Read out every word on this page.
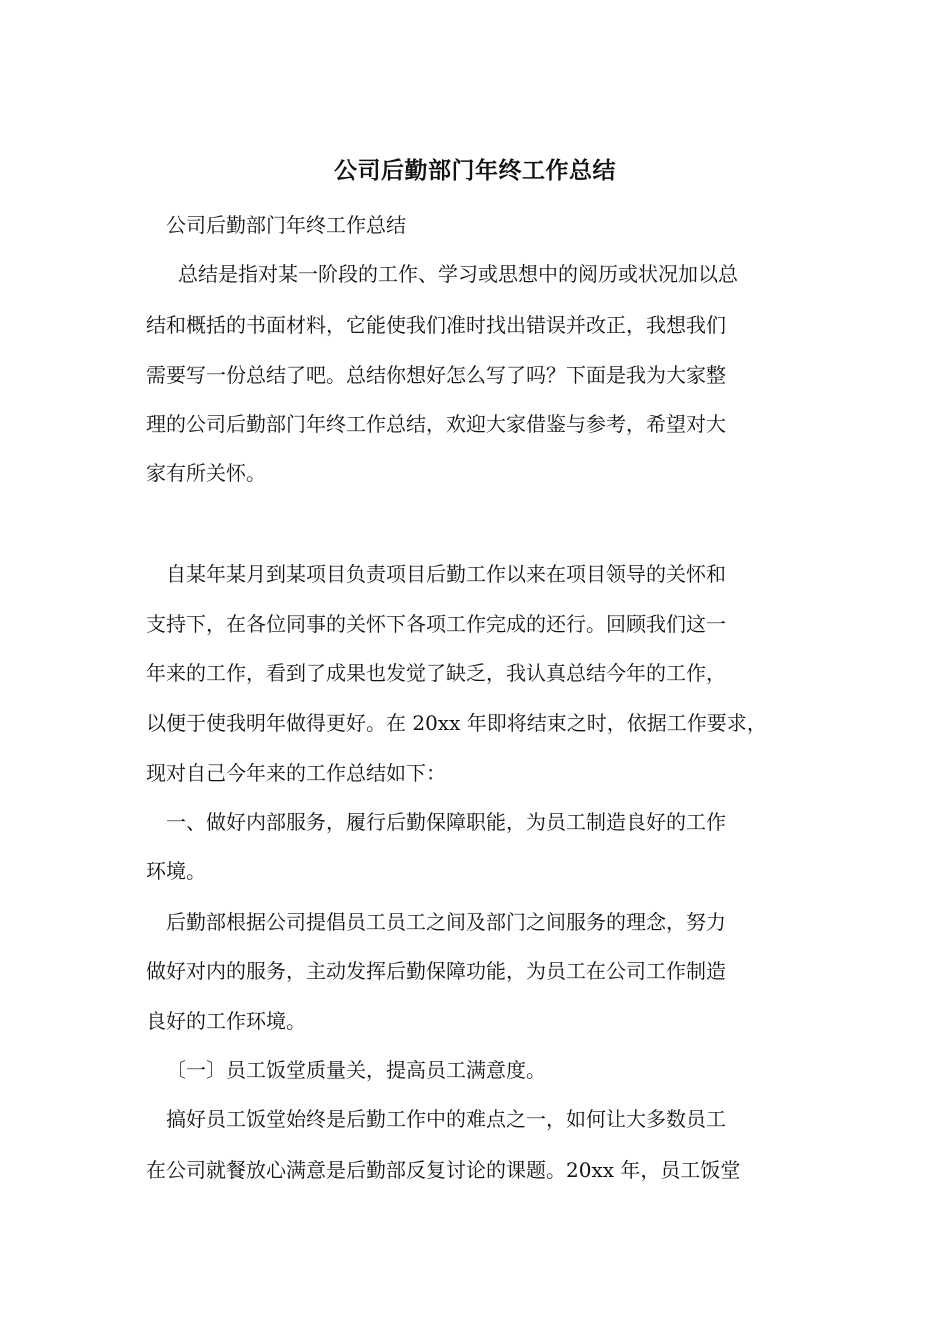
公司后勤部门年终工作总结

公司后勤部门年终工作总结

总结是指对某一阶段的工作、学习或思想中的阅历或状况加以总

结和概括的书面材料，它能使我们准时找出错误并改正，我想我们

需要写一份总结了吧。总结你想好怎么写了吗？下面是我为大家整

理的公司后勤部门年终工作总结，欢迎大家借鉴与参考，希望对大

家有所关怀。

自某年某月到某项目负责项目后勤工作以来在项目领导的关怀和

支持下，在各位同事的关怀下各项工作完成的还行。回顾我们这一

年来的工作，看到了成果也发觉了缺乏，我认真总结今年的工作，

以便于使我明年做得更好。在 20xx 年即将结束之时，依据工作要求，

现对自己今年来的工作总结如下：

一、做好内部服务，履行后勤保障职能，为员工制造良好的工作

环境。

后勤部根据公司提倡员工员工之间及部门之间服务的理念，努力

做好对内的服务，主动发挥后勤保障功能，为员工在公司工作制造

良好的工作环境。

〔一〕员工饭堂质量关，提高员工满意度。

搞好员工饭堂始终是后勤工作中的难点之一，如何让大多数员工

在公司就餐放心满意是后勤部反复讨论的课题。20xx 年，员工饭堂
